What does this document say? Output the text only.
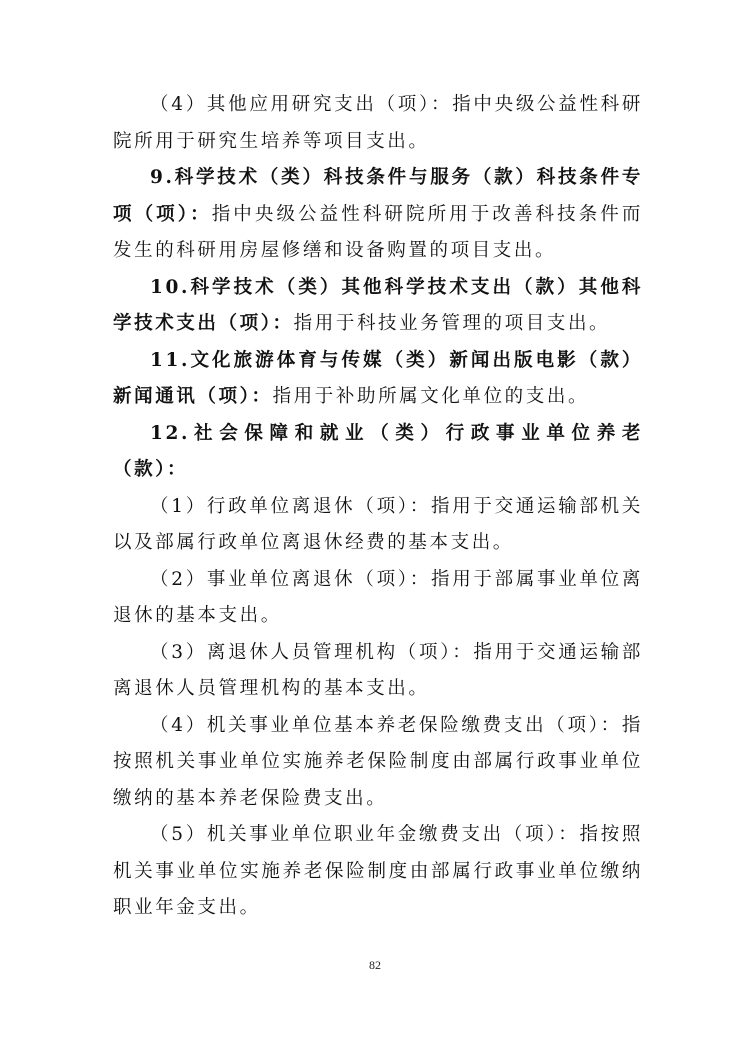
（4）其他应用研究支出（项）：指中央级公益性科研院所用于研究生培养等项目支出。

9.科学技术（类）科技条件与服务（款）科技条件专项（项）：指中央级公益性科研院所用于改善科技条件而发生的科研用房屋修缮和设备购置的项目支出。

10.科学技术（类）其他科学技术支出（款）其他科学技术支出（项）：指用于科技业务管理的项目支出。

11.文化旅游体育与传媒（类）新闻出版电影（款）新闻通讯（项）：指用于补助所属文化单位的支出。

12.社会保障和就业（类）行政事业单位养老（款）：

（1）行政单位离退休（项）：指用于交通运输部机关以及部属行政单位离退休经费的基本支出。

（2）事业单位离退休（项）：指用于部属事业单位离退休的基本支出。

（3）离退休人员管理机构（项）：指用于交通运输部离退休人员管理机构的基本支出。

（4）机关事业单位基本养老保险缴费支出（项）：指按照机关事业单位实施养老保险制度由部属行政事业单位缴纳的基本养老保险费支出。

（5）机关事业单位职业年金缴费支出（项）：指按照机关事业单位实施养老保险制度由部属行政事业单位缴纳职业年金支出。

82
